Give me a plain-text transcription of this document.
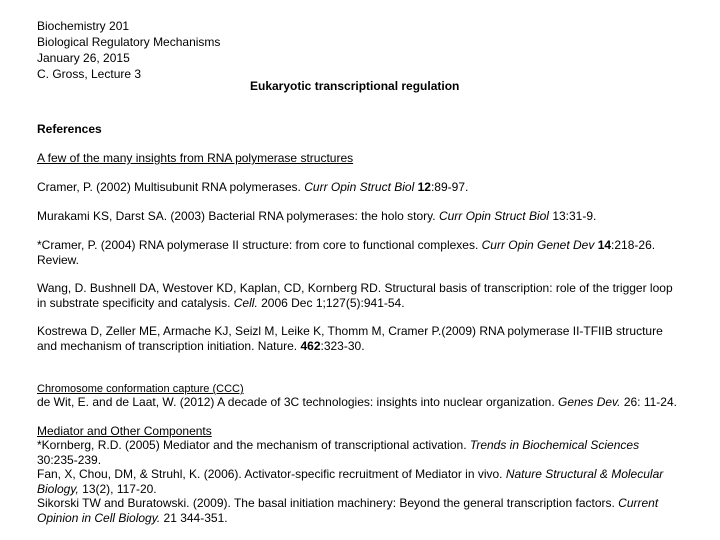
Biochemistry 201
Biological Regulatory Mechanisms
January 26, 2015
C. Gross, Lecture 3
Eukaryotic transcriptional regulation
References
A few of the many insights from RNA polymerase structures
Cramer, P. (2002) Multisubunit RNA polymerases. Curr Opin Struct Biol 12:89-97.
Murakami KS, Darst SA. (2003) Bacterial RNA polymerases: the holo story. Curr Opin Struct Biol 13:31-9.
*Cramer, P. (2004) RNA polymerase II structure: from core to functional complexes. Curr Opin Genet Dev 14:218-26.
Review.
Wang, D. Bushnell DA, Westover KD, Kaplan, CD, Kornberg RD. Structural basis of transcription: role of the trigger loop
in substrate specificity and catalysis. Cell. 2006 Dec 1;127(5):941-54.
Kostrewa D, Zeller ME, Armache KJ, Seizl M, Leike K, Thomm M, Cramer P.(2009) RNA polymerase II-TFIIB structure
and mechanism of transcription initiation. Nature. 462:323-30.
Chromosome conformation capture (CCC)
de Wit, E. and de Laat, W. (2012) A decade of 3C technologies: insights into nuclear organization. Genes Dev. 26: 11-24.
Mediator and Other Components
*Kornberg, R.D. (2005) Mediator and the mechanism of transcriptional activation. Trends in Biochemical Sciences
30:235-239.
Fan, X, Chou, DM, & Struhl, K. (2006). Activator-specific recruitment of Mediator in vivo. Nature Structural & Molecular
Biology, 13(2), 117-20.
Sikorski TW and Buratowski. (2009). The basal initiation machinery: Beyond the general transcription factors. Current
Opinion in Cell Biology. 21 344-351.
